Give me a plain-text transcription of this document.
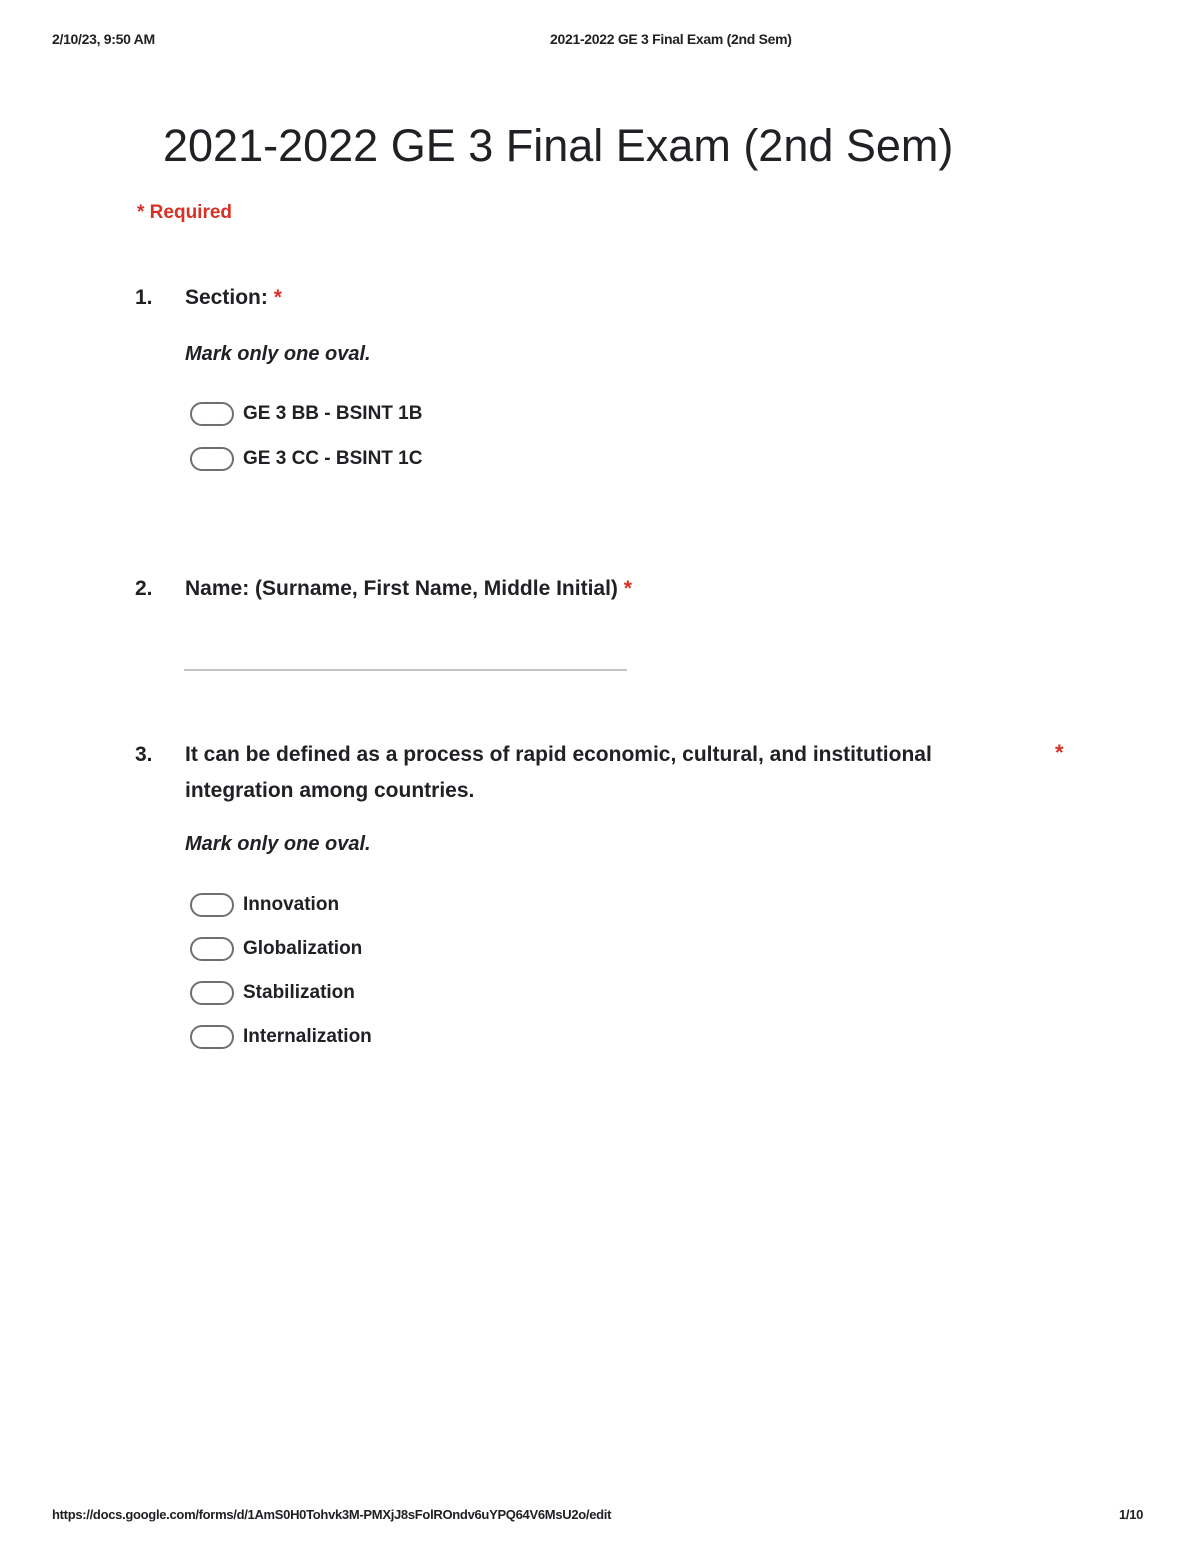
2/10/23, 9:50 AM	2021-2022 GE 3 Final Exam (2nd Sem)
2021-2022 GE 3 Final Exam (2nd Sem)
* Required
1. Section: *
Mark only one oval.
GE 3 BB - BSINT 1B
GE 3 CC - BSINT 1C
2. Name: (Surname, First Name, Middle Initial) *
3. It can be defined as a process of rapid economic, cultural, and institutional
integration among countries.
*
Mark only one oval.
Innovation
Globalization
Stabilization
Internalization
https://docs.google.com/forms/d/1AmS0H0Tohvk3M-PMXjJ8sFolROndv6uYPQ64V6MsU2o/edit	1/10
